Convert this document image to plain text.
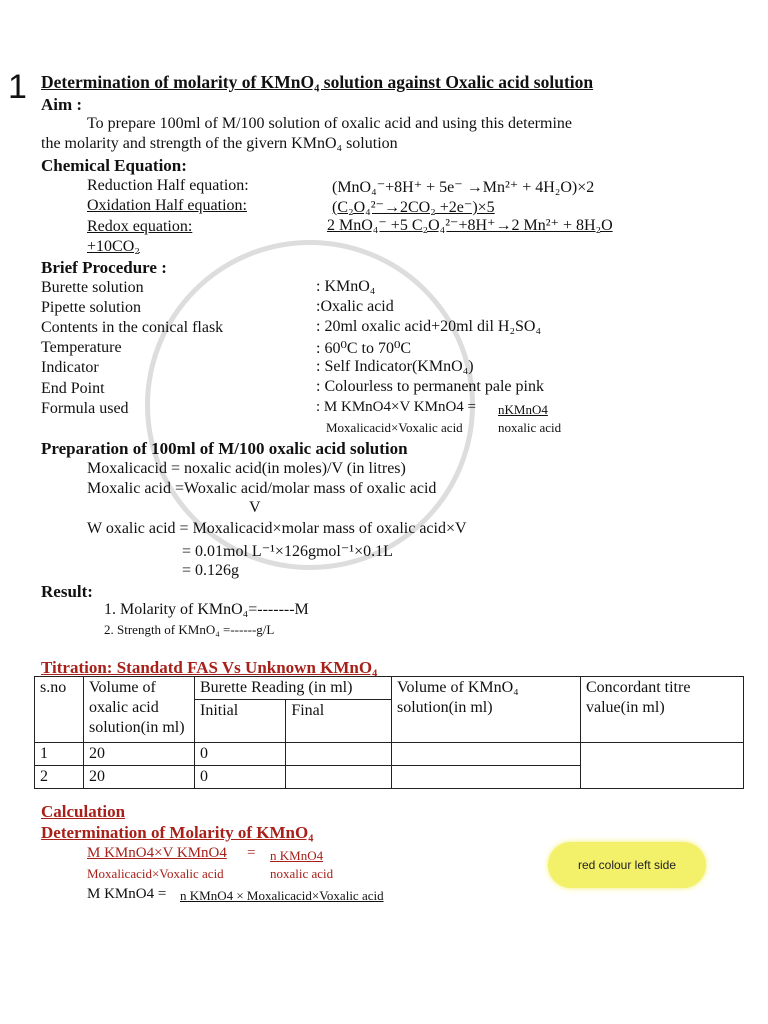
1 Determination of molarity of KMnO₄ solution against Oxalic acid solution
Aim :
To prepare 100ml of M/100 solution of oxalic acid and using this determine
the molarity and strength of the givern KMnO₄ solution
Chemical Equation:
Reduction Half equation:	(MnO₄⁻+8H⁺ + 5e⁻ →Mn²⁺ + 4H₂O)×2
Oxidation Half equation:	(C₂O₄²⁻→2CO₂ +2e⁻)×5
Redox equation:	2 MnO₄⁻ +5 C₂O₄²⁻+8H⁺→2 Mn²⁺ + 8H₂O
+10CO₂
Brief Procedure :
Burette solution	: KMnO₄
Pipette solution	:Oxalic acid
Contents in the conical flask	: 20ml oxalic acid+20ml dil H₂SO₄
Temperature	: 60⁰C to 70⁰C
Indicator	: Self Indicator(KMnO₄)
End Point	: Colourless to permanent pale pink
Formula used	: M KMnO4×V KMnO4 = nKMnO4
Moxalicacid×Voxalic acid	noxalic acid
Preparation of 100ml of M/100 oxalic acid solution
Moxalicacid = noxalic acid(in moles)/V (in litres)
Moxalic acid =Woxalic acid/molar mass of oxalic acid
V
W oxalic acid = Moxalicacid×molar mass of oxalic acid×V
= 0.01mol L⁻¹×126gmol⁻¹×0.1L
= 0.126g
Result:
1. Molarity of KMnO₄=-------M
2. Strength of KMnO₄ =------g/L
Titration: Standatd FAS Vs Unknown KMnO₄
s.no	Volume of oxalic acid solution(in ml)	Burette Reading (in ml)		Volume of KMnO₄ solution(in ml)	Concordant titre value(in ml)
		Initial	Final		
1	20	0			
2	20	0			
Calculation
Determination of Molarity of KMnO₄
M KMnO4×V KMnO4 = n KMnO4
Moxalicacid×Voxalic acid	noxalic acid
M KMnO4 = n KMnO4 × Moxalicacid×Voxalic acid
red colour left side
